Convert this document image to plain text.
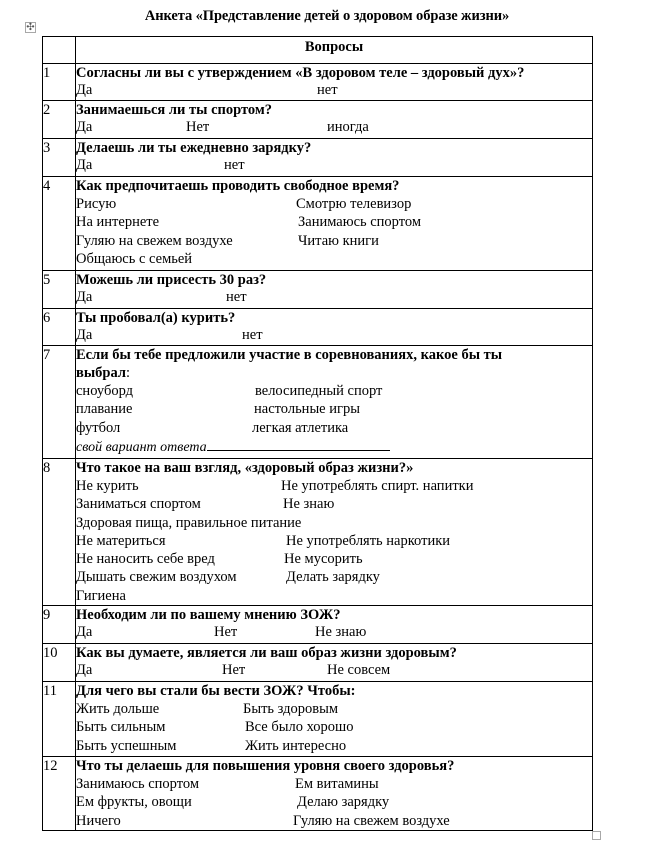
Анкета «Представление детей о здоровом образе жизни»
✣
	Вопросы
1	Согласны ли вы с утверждением «В здоровом теле – здоровый дух»?
Да нет

2	Занимаешься ли ты спортом?
Да Нет иногда

3	Делаешь ли ты ежедневно зарядку?
Да нет

4	Как предпочитаешь проводить свободное время?
Рисую	Смотрю телевизор
На интернете	Занимаюсь спортом
Гуляю на свежем воздухе	Читаю книги
Общаюсь с семьей

5	Можешь ли присесть 30 раз?
Да нет

6	Ты пробовал(а) курить?
Да нет

7	Если бы тебе предложили участие в соревнованиях, какое бы ты
выбрал:
сноуборд	велосипедный спорт
плавание	настольные игры
футбол	легкая атлетика
свой вариант ответа

8	Что такое на ваш взгляд, «здоровый образ жизни?»
Не курить	Не употреблять спирт. напитки
Заниматься спортом	Не знаю
Здоровая пища, правильное питание
Не материться	Не употреблять наркотики
Не наносить себе вред	Не мусорить
Дышать свежим воздухом	Делать зарядку
Гигиена

9	Необходим ли по вашему мнению ЗОЖ?
Да Нет Не знаю

10	Как вы думаете, является ли ваш образ жизни здоровым?
Да Нет Не совсем

11	Для чего вы стали бы вести ЗОЖ? Чтобы:
Жить дольше	Быть здоровым
Быть сильным	Все было хорошо
Быть успешным	Жить интересно

12	Что ты делаешь для повышения уровня своего здоровья?
Занимаюсь спортом	Ем витамины
Ем фрукты, овощи	Делаю зарядку
Ничего	Гуляю на свежем воздухе
